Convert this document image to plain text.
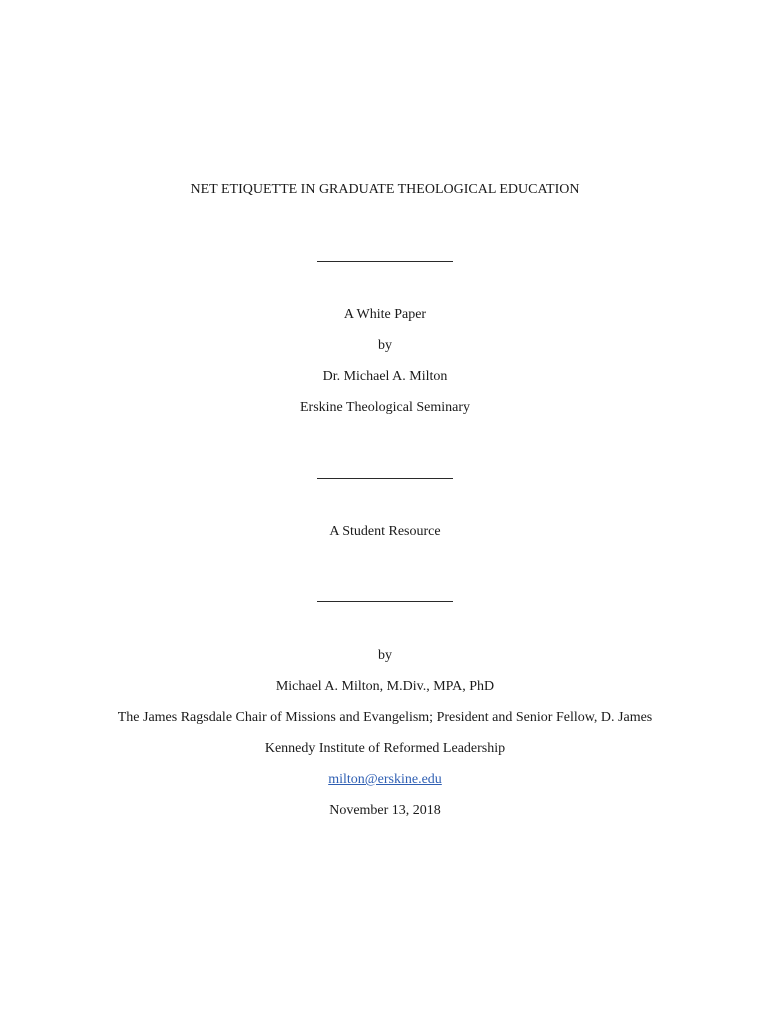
NET ETIQUETTE IN GRADUATE THEOLOGICAL EDUCATION
A White Paper
by
Dr. Michael A. Milton
Erskine Theological Seminary
A Student Resource
by
Michael A. Milton, M.Div., MPA, PhD
The James Ragsdale Chair of Missions and Evangelism; President and Senior Fellow, D. James
Kennedy Institute of Reformed Leadership
milton@erskine.edu
November 13, 2018
